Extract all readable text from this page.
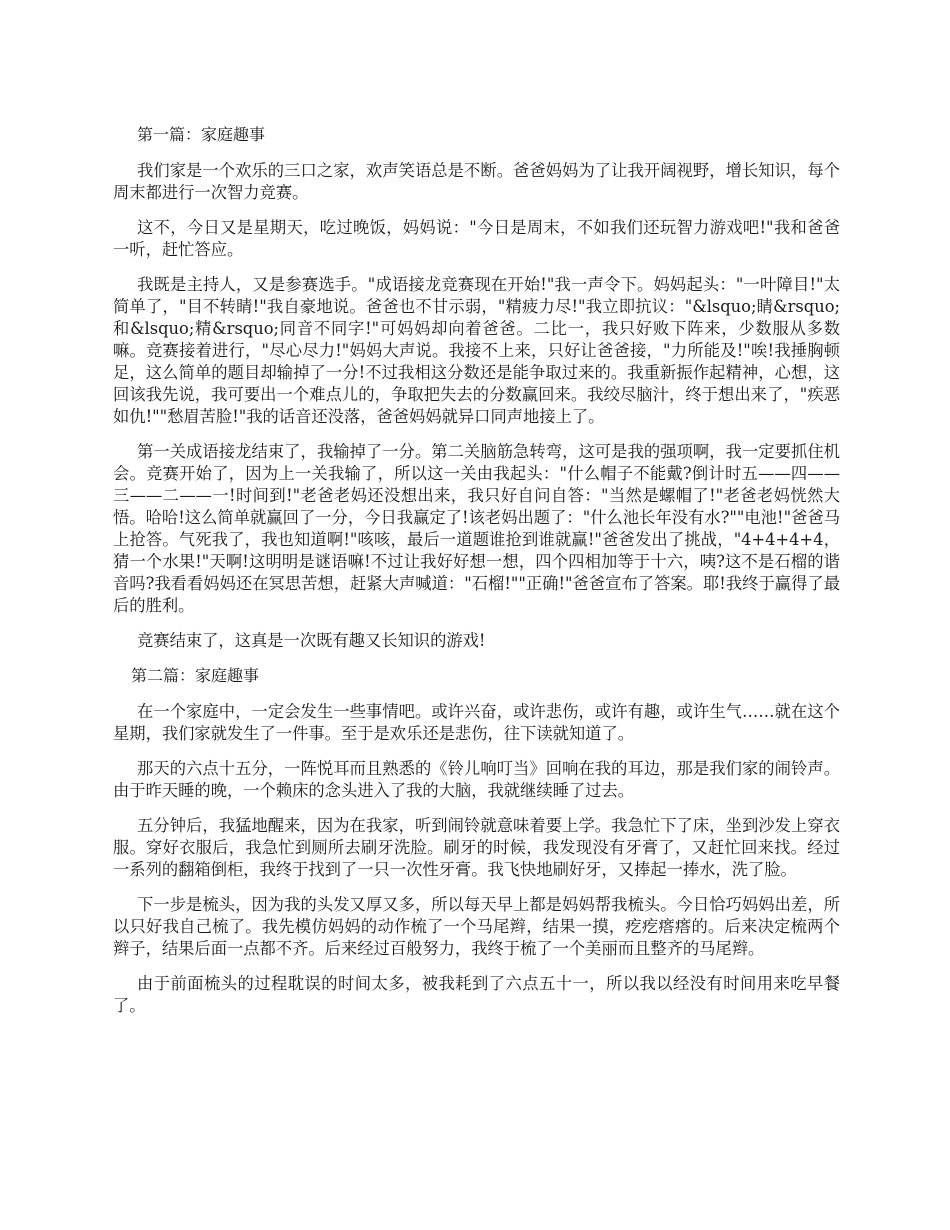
第一篇：家庭趣事

我们家是一个欢乐的三口之家，欢声笑语总是不断。爸爸妈妈为了让我开阔视野，增长知识，每个周末都进行一次智力竞赛。

这不，今日又是星期天，吃过晚饭，妈妈说："今日是周末，不如我们还玩智力游戏吧!"我和爸爸一听，赶忙答应。

我既是主持人，又是参赛选手。"成语接龙竞赛现在开始!"我一声令下。妈妈起头："一叶障目!"太简单了，"目不转睛!"我自豪地说。爸爸也不甘示弱，"精疲力尽!"我立即抗议："&lsquo;睛&rsquo;和&lsquo;精&rsquo;同音不同字!"可妈妈却向着爸爸。二比一，我只好败下阵来，少数服从多数嘛。竞赛接着进行，"尽心尽力!"妈妈大声说。我接不上来，只好让爸爸接，"力所能及!"唉!我捶胸顿足，这么简单的题目却输掉了一分!不过我相这分数还是能争取过来的。我重新振作起精神，心想，这回该我先说，我可要出一个难点儿的，争取把失去的分数赢回来。我绞尽脑汁，终于想出来了，"疾恶如仇!""愁眉苦脸!"我的话音还没落，爸爸妈妈就异口同声地接上了。

第一关成语接龙结束了，我输掉了一分。第二关脑筋急转弯，这可是我的强项啊，我一定要抓住机会。竞赛开始了，因为上一关我输了，所以这一关由我起头："什么帽子不能戴?倒计时五——四——三——二——一!时间到!"老爸老妈还没想出来，我只好自问自答："当然是螺帽了!"老爸老妈恍然大悟。哈哈!这么简单就赢回了一分，今日我赢定了!该老妈出题了："什么池长年没有水?""电池!"爸爸马上抢答。气死我了，我也知道啊!"咳咳，最后一道题谁抢到谁就赢!"爸爸发出了挑战，"4+4+4+4，猜一个水果!"天啊!这明明是谜语嘛!不过让我好好想一想，四个四相加等于十六，咦?这不是石榴的谐音吗?我看看妈妈还在冥思苦想，赶紧大声喊道："石榴!""正确!"爸爸宣布了答案。耶!我终于赢得了最后的胜利。

竞赛结束了，这真是一次既有趣又长知识的游戏!

第二篇：家庭趣事

在一个家庭中，一定会发生一些事情吧。或许兴奋，或许悲伤，或许有趣，或许生气……就在这个星期，我们家就发生了一件事。至于是欢乐还是悲伤，往下读就知道了。

那天的六点十五分，一阵悦耳而且熟悉的《铃儿响叮当》回响在我的耳边，那是我们家的闹铃声。由于昨天睡的晚，一个赖床的念头进入了我的大脑，我就继续睡了过去。

五分钟后，我猛地醒来，因为在我家，听到闹铃就意味着要上学。我急忙下了床，坐到沙发上穿衣服。穿好衣服后，我急忙到厕所去刷牙洗脸。刷牙的时候，我发现没有牙膏了，又赶忙回来找。经过一系列的翻箱倒柜，我终于找到了一只一次性牙膏。我飞快地刷好牙，又捧起一捧水，洗了脸。

下一步是梳头，因为我的头发又厚又多，所以每天早上都是妈妈帮我梳头。今日恰巧妈妈出差，所以只好我自己梳了。我先模仿妈妈的动作梳了一个马尾辫，结果一摸，疙疙瘩瘩的。后来决定梳两个辫子，结果后面一点都不齐。后来经过百般努力，我终于梳了一个美丽而且整齐的马尾辫。

由于前面梳头的过程耽误的时间太多，被我耗到了六点五十一，所以我以经没有时间用来吃早餐了。
